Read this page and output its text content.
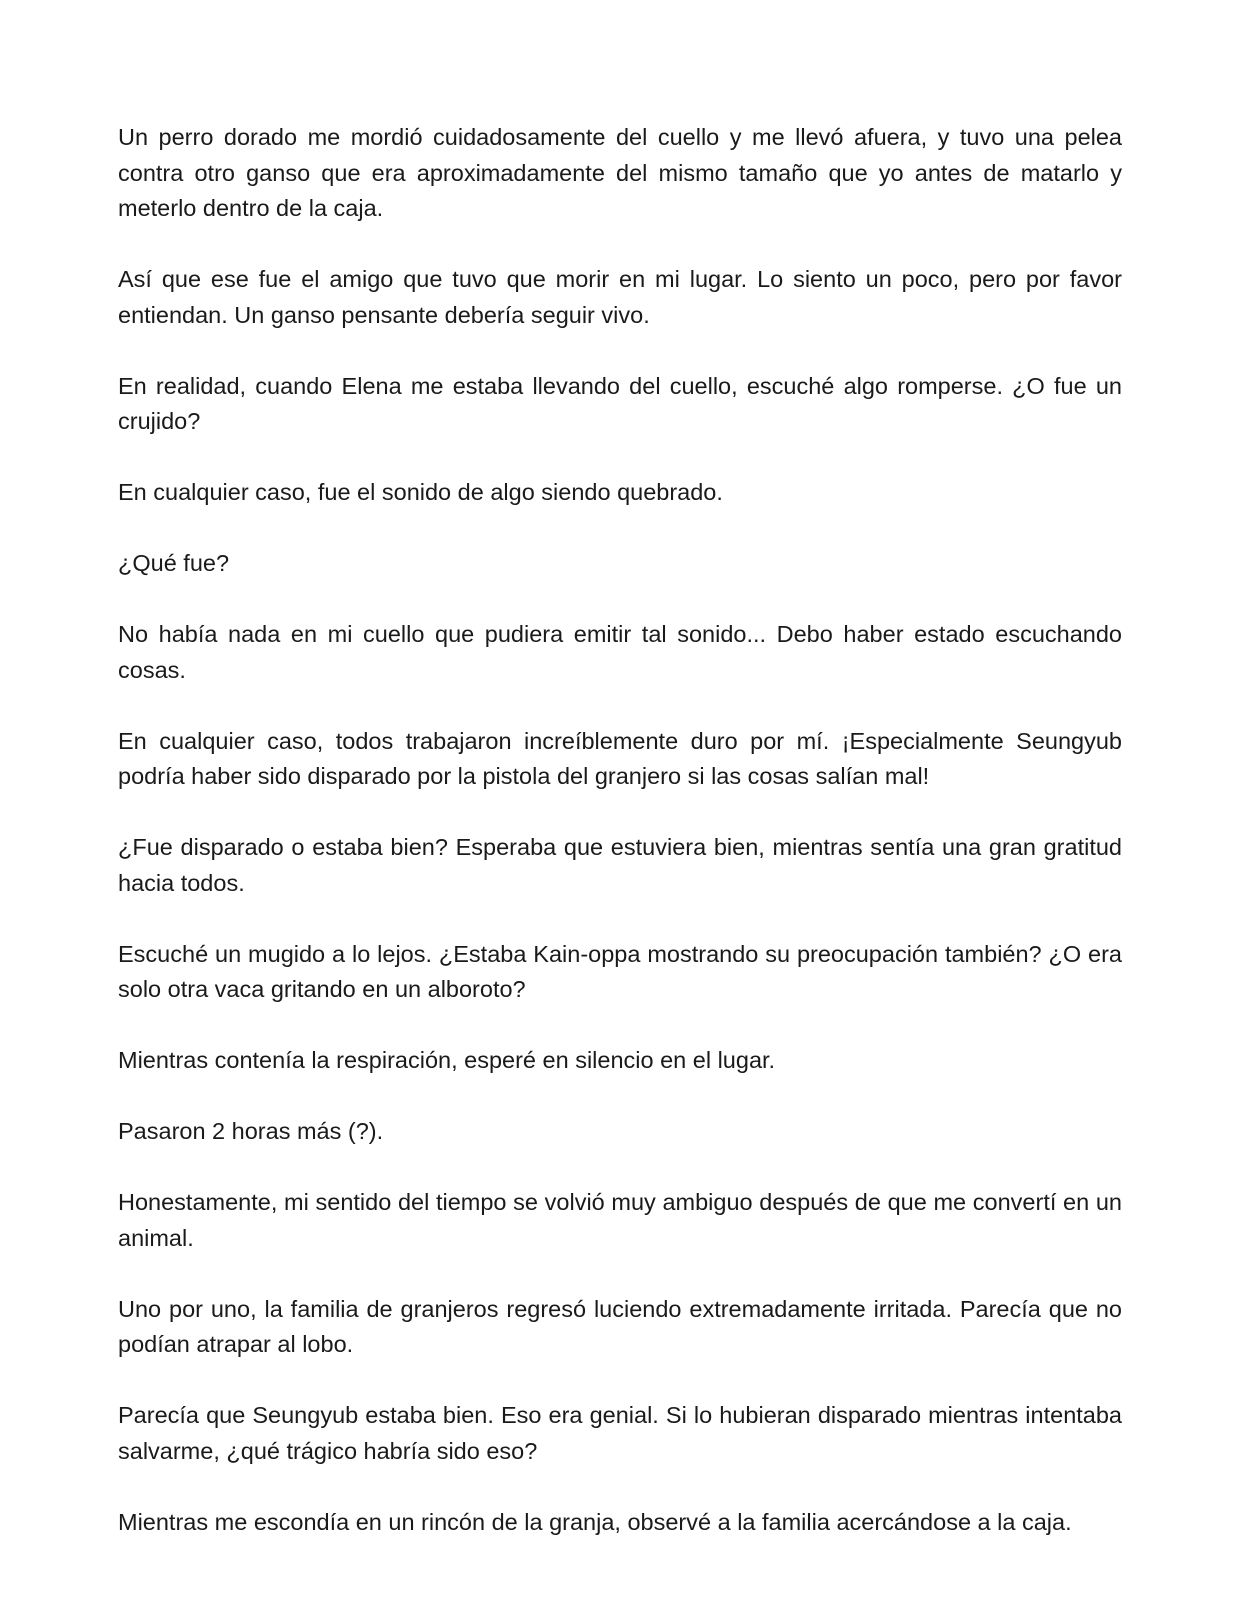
Un perro dorado me mordió cuidadosamente del cuello y me llevó afuera, y tuvo una pelea contra otro ganso que era aproximadamente del mismo tamaño que yo antes de matarlo y meterlo dentro de la caja.

Así que ese fue el amigo que tuvo que morir en mi lugar. Lo siento un poco, pero por favor entiendan. Un ganso pensante debería seguir vivo.

En realidad, cuando Elena me estaba llevando del cuello, escuché algo romperse. ¿O fue un crujido?

En cualquier caso, fue el sonido de algo siendo quebrado.

¿Qué fue?

No había nada en mi cuello que pudiera emitir tal sonido... Debo haber estado escuchando cosas.

En cualquier caso, todos trabajaron increíblemente duro por mí. ¡Especialmente Seungyub podría haber sido disparado por la pistola del granjero si las cosas salían mal!

¿Fue disparado o estaba bien? Esperaba que estuviera bien, mientras sentía una gran gratitud hacia todos.

Escuché un mugido a lo lejos. ¿Estaba Kain-oppa mostrando su preocupación también? ¿O era solo otra vaca gritando en un alboroto?

Mientras contenía la respiración, esperé en silencio en el lugar.

Pasaron 2 horas más (?).

Honestamente, mi sentido del tiempo se volvió muy ambiguo después de que me convertí en un animal.

Uno por uno, la familia de granjeros regresó luciendo extremadamente irritada. Parecía que no podían atrapar al lobo.

Parecía que Seungyub estaba bien. Eso era genial. Si lo hubieran disparado mientras intentaba salvarme, ¿qué trágico habría sido eso?

Mientras me escondía en un rincón de la granja, observé a la familia acercándose a la caja.
